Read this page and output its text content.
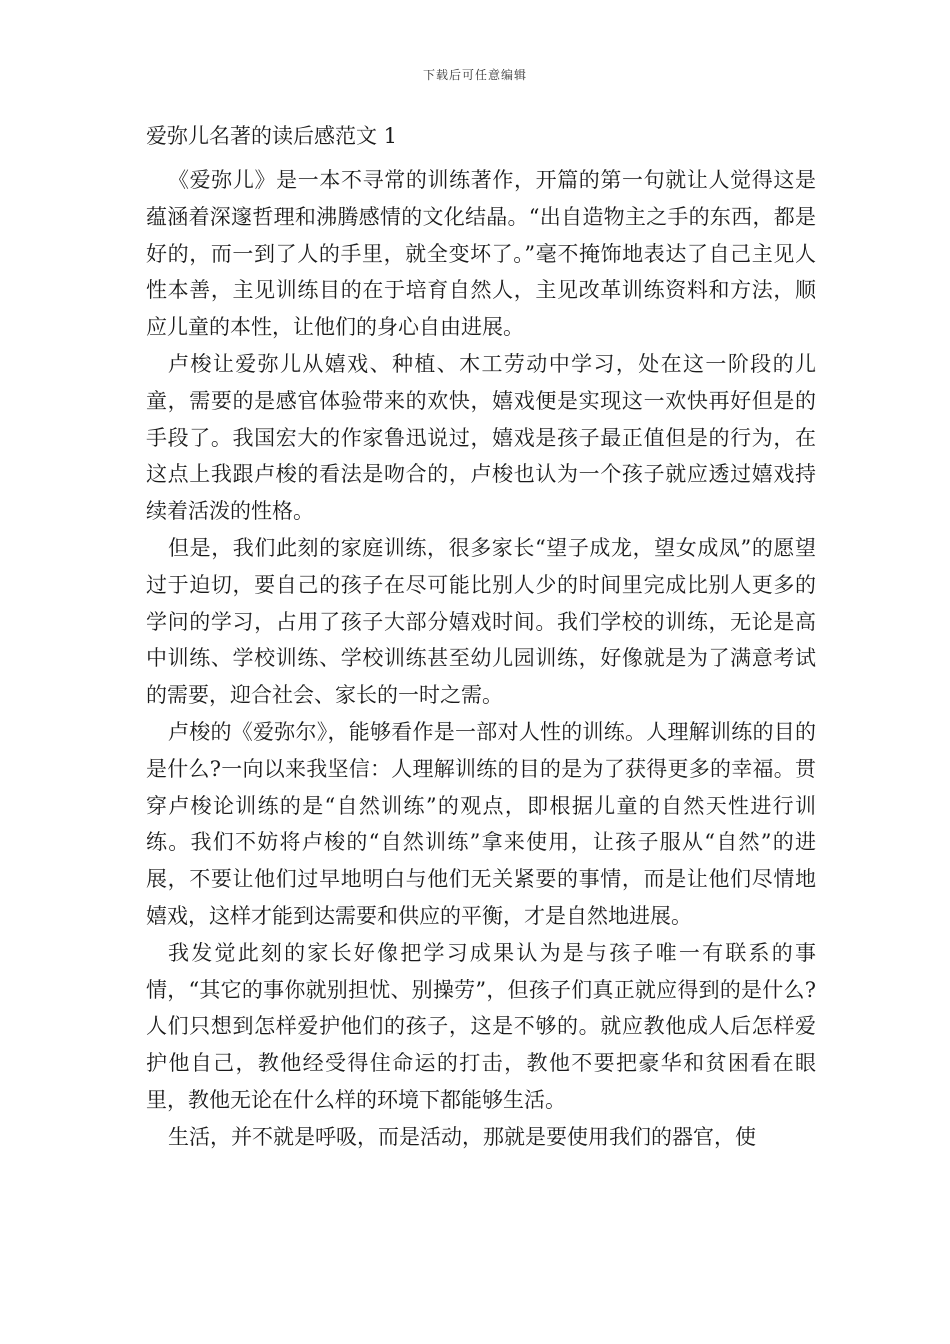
下载后可任意编辑
爱弥儿名著的读后感范文 1

《爱弥儿》是一本不寻常的训练著作，开篇的第一句就让人觉得这是蕴涵着深邃哲理和沸腾感情的文化结晶。“出自造物主之手的东西，都是好的，而一到了人的手里，就全变坏了。”毫不掩饰地表达了自己主见人性本善，主见训练目的在于培育自然人，主见改革训练资料和方法，顺应儿童的本性，让他们的身心自由进展。

卢梭让爱弥儿从嬉戏、种植、木工劳动中学习，处在这一阶段的儿童，需要的是感官体验带来的欢快，嬉戏便是实现这一欢快再好但是的手段了。我国宏大的作家鲁迅说过，嬉戏是孩子最正值但是的行为，在这点上我跟卢梭的看法是吻合的，卢梭也认为一个孩子就应透过嬉戏持续着活泼的性格。

但是，我们此刻的家庭训练，很多家长“望子成龙，望女成凤”的愿望过于迫切，要自己的孩子在尽可能比别人少的时间里完成比别人更多的学问的学习，占用了孩子大部分嬉戏时间。我们学校的训练，无论是高中训练、学校训练、学校训练甚至幼儿园训练，好像就是为了满意考试的需要，迎合社会、家长的一时之需。

卢梭的《爱弥尔》，能够看作是一部对人性的训练。人理解训练的目的是什么?一向以来我坚信：人理解训练的目的是为了获得更多的幸福。贯穿卢梭论训练的是“自然训练”的观点，即根据儿童的自然天性进行训练。我们不妨将卢梭的“自然训练”拿来使用，让孩子服从“自然”的进展，不要让他们过早地明白与他们无关紧要的事情，而是让他们尽情地嬉戏，这样才能到达需要和供应的平衡，才是自然地进展。

我发觉此刻的家长好像把学习成果认为是与孩子唯一有联系的事情，“其它的事你就别担忧、别操劳”，但孩子们真正就应得到的是什么?人们只想到怎样爱护他们的孩子，这是不够的。就应教他成人后怎样爱护他自己，教他经受得住命运的打击，教他不要把豪华和贫困看在眼里，教他无论在什么样的环境下都能够生活。

生活，并不就是呼吸，而是活动，那就是要使用我们的器官，使
